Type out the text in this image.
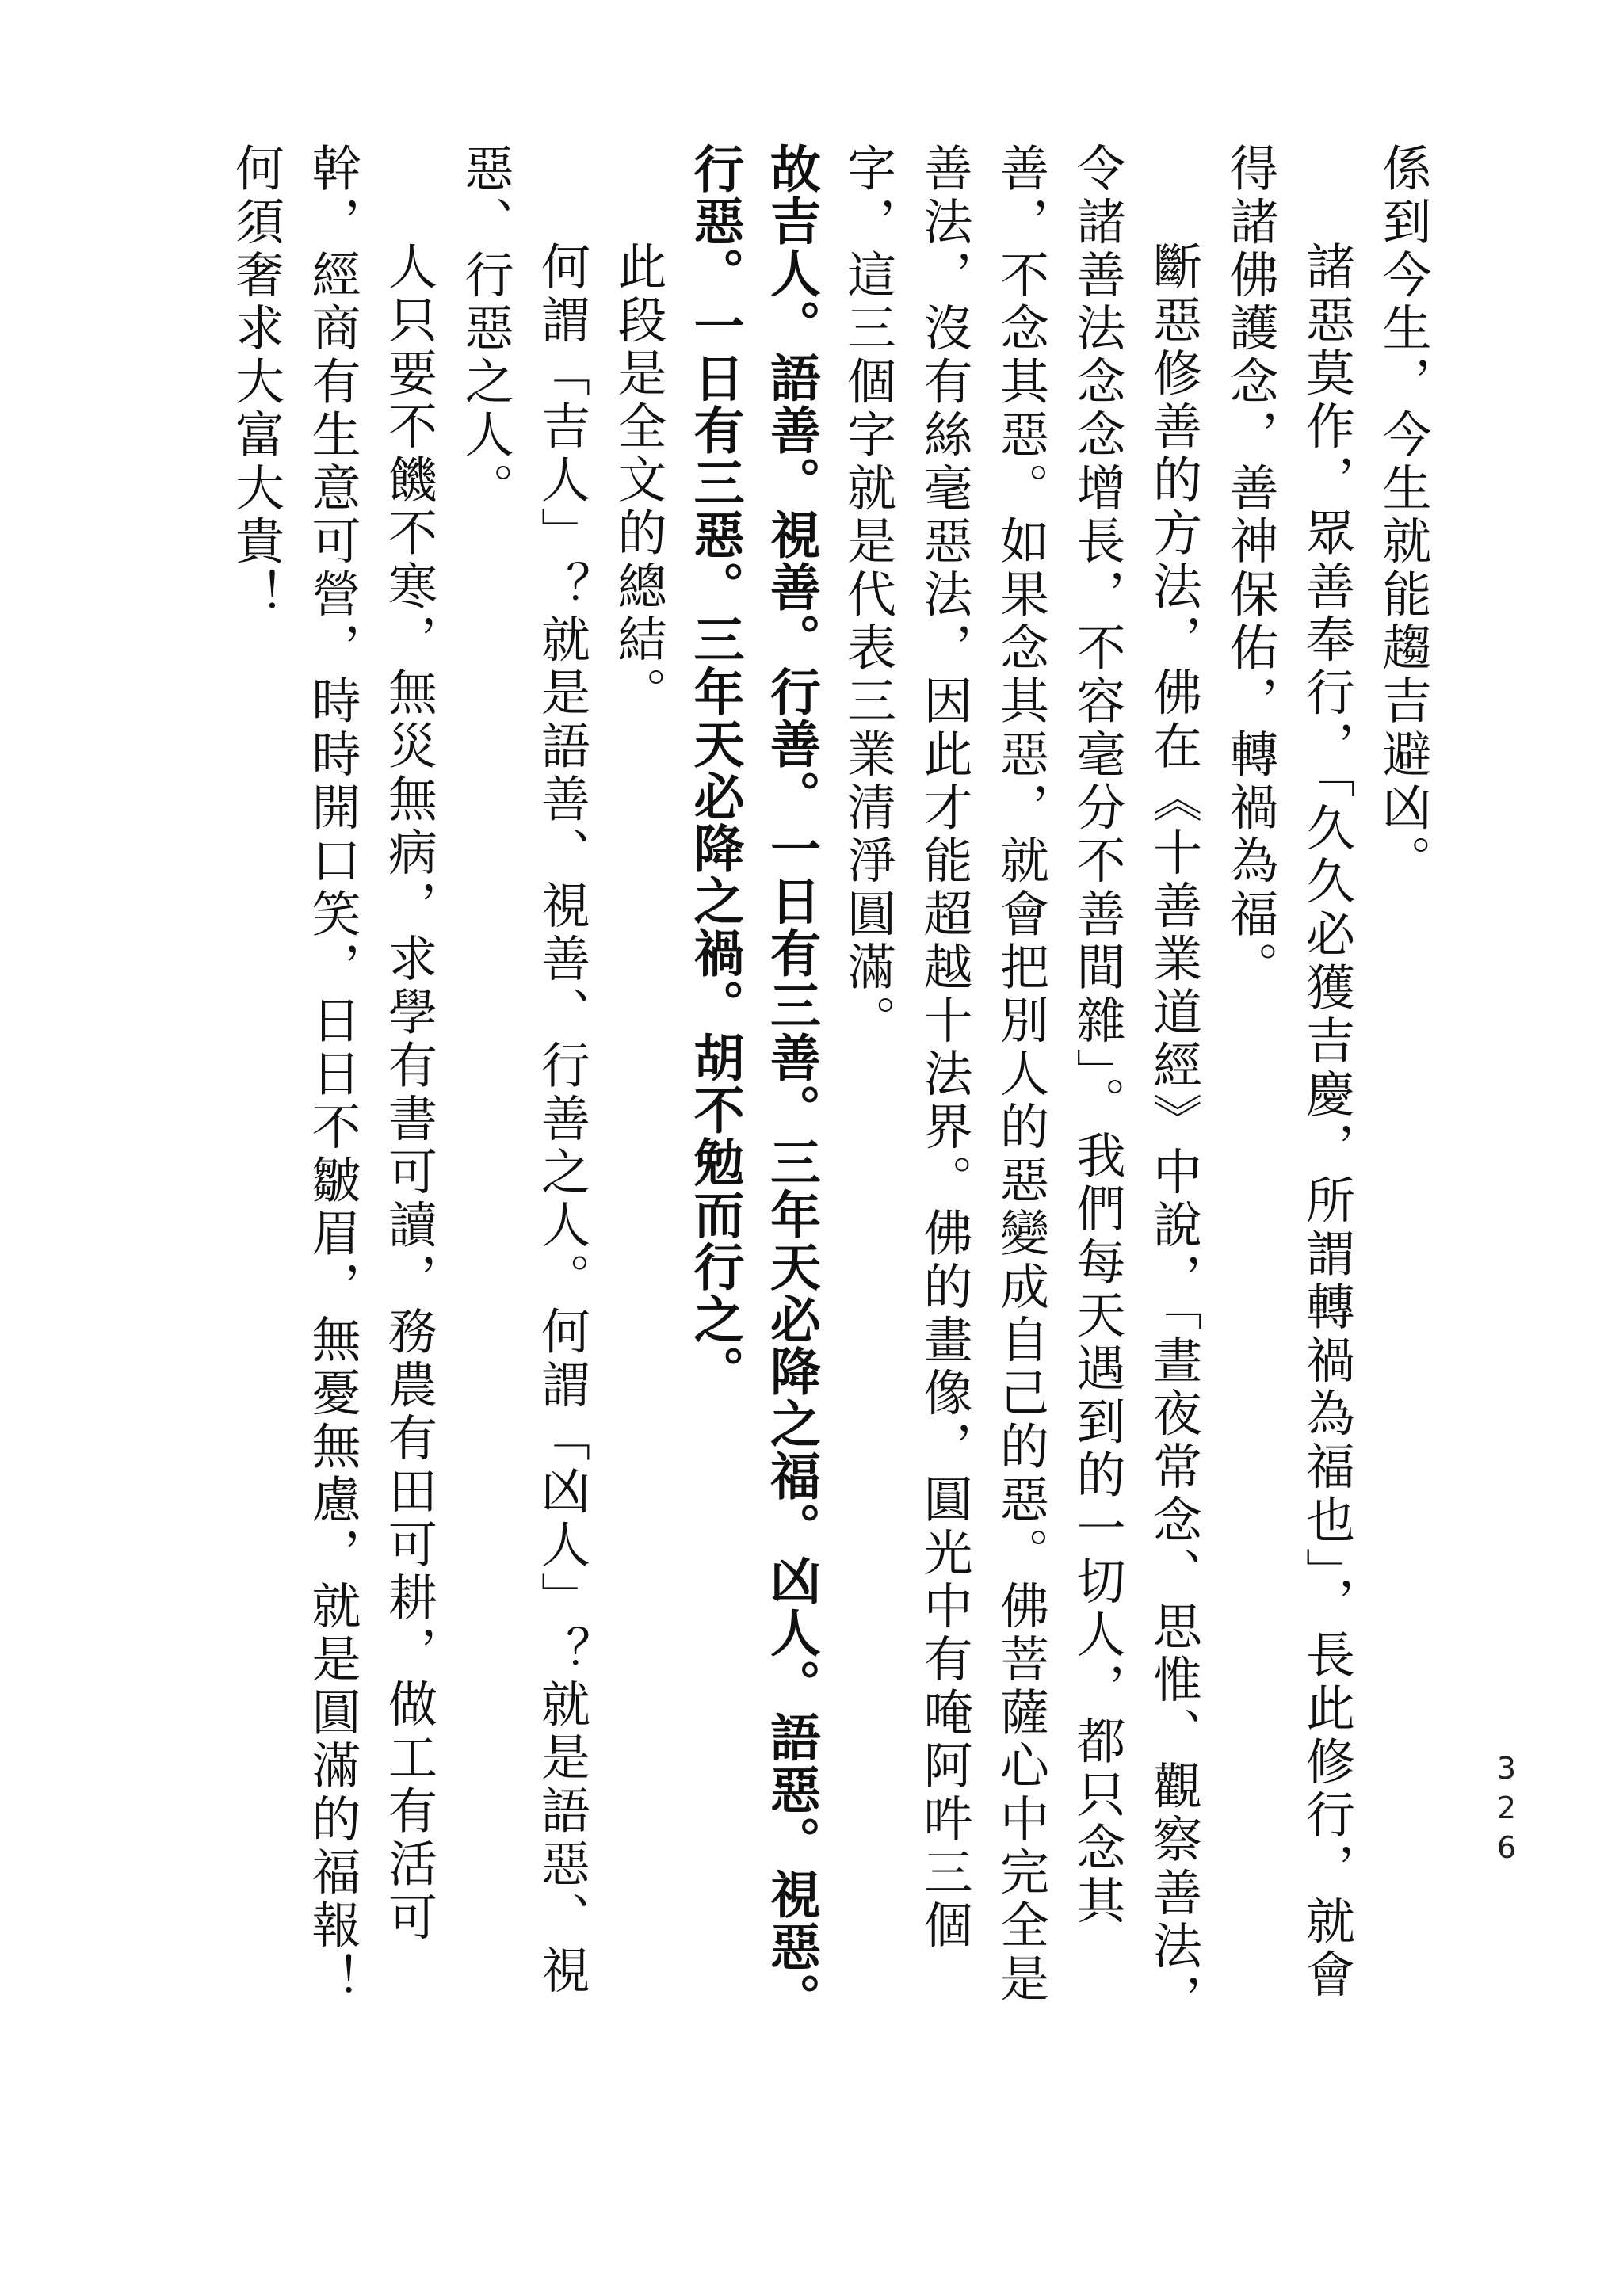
326

係到今生，今生就能趨吉避凶。

諸惡莫作，眾善奉行，「久久必獲吉慶，所謂轉禍為福也」，長此修行，就會得諸佛護念，善神保佑，轉禍為福。

斷惡修善的方法，佛在《十善業道經》中說，「晝夜常念、思惟、觀察善法，令諸善法念念增長，不容毫分不善間雜」。我們每天遇到的一切人，都只念其善，不念其惡。如果念其惡，就會把別人的惡變成自己的惡。佛菩薩心中完全是善法，沒有絲毫惡法，因此才能超越十法界。佛的畫像，圓光中有唵阿吽三個字，這三個字就是代表三業清淨圓滿。

故吉人。語善。視善。行善。一日有三善。三年天必降之福。凶人。語惡。視惡。行惡。一日有三惡。三年天必降之禍。胡不勉而行之。

此段是全文的總結。

何謂「吉人」？就是語善、視善、行善之人。何謂「凶人」？就是語惡、視惡、行惡之人。

人只要不饑不寒，無災無病，求學有書可讀，務農有田可耕，做工有活可幹，經商有生意可營，時時開口笑，日日不皺眉，無憂無慮，就是圓滿的福報！何須奢求大富大貴！
